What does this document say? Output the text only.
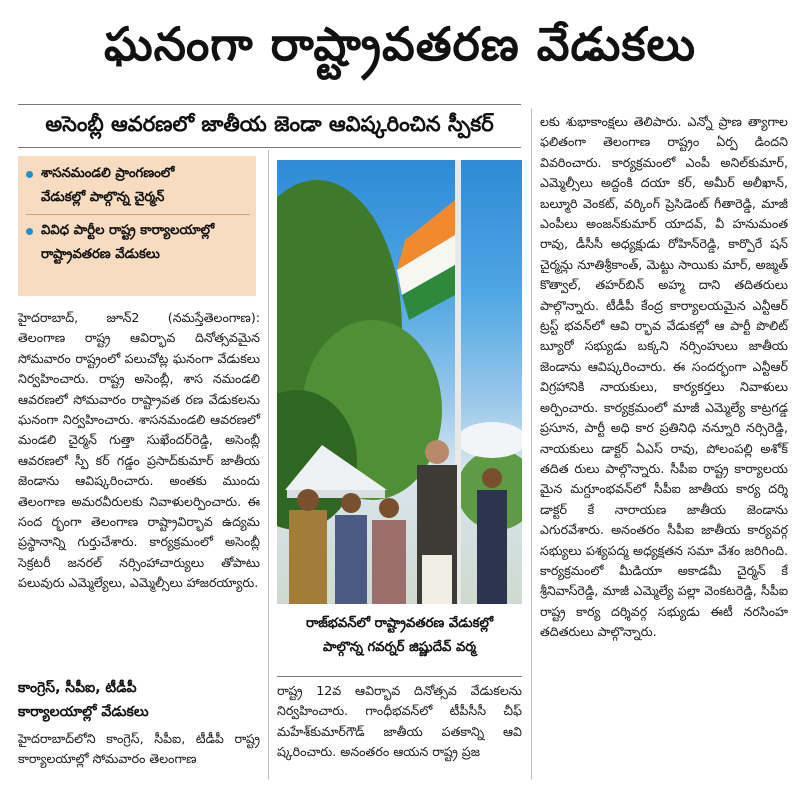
ఘనంగా రాష్ట్రావతరణ వేడుకలు
అసెంబ్లీ ఆవరణలో జాతీయ జెండా ఆవిష్కరించిన స్పీకర్
శాసనమండలి ప్రాంగణంలో
వేడుకల్లో పాల్గొన్న చైర్మన్
వివిధ పార్టీల రాష్ట్ర కార్యాలయాల్లో
రాష్ట్రావతరణ వేడుకలు
హైదరాబాద్, జూన్2 (నమస్తేతెలంగాణ): తెలంగాణ రాష్ట్ర ఆవిర్భావ దినోత్సవమైన సోమవారం రాష్ట్రంలో పలుచోట్ల ఘనంగా వేడుకలు నిర్వహించారు. రాష్ట్ర అసెంబ్లీ, శాస నమండలి ఆవరణలో సోమవారం రాష్ట్రావత రణ వేడుకలను ఘనంగా నిర్వహించారు. శాసనమండలి ఆవరణలో మండలి చైర్మన్ గుత్తా సుఖేందర్‌రెడ్డి, అసెంబ్లీ ఆవరణలో స్పీ కర్ గడ్డం ప్రసాద్‌కుమార్ జాతీయ జెండాను ఆవిష్కరించారు. అంతకు ముందు తెలంగాణ అమరవీరులకు నివాళులర్పించారు. ఈ సంద ర్భంగా తెలంగాణ రాష్ట్రావిర్భావ ఉద్యమ ప్రస్థానాన్ని గుర్తుచేశారు. కార్యక్రమంలో అసెంబ్లీ సెక్రటరీ జనరల్ నర్సింహాచార్యులు తోపాటు పలువురు ఎమ్మెల్యేలు, ఎమ్మెల్సీలు హాజరయ్యారు.
కాంగ్రెస్, సీపీఐ, టీడీపీ
కార్యాలయాల్లో వేడుకలు
హైదరాబాద్‌లోని కాంగ్రెస్, సీపీఐ, టీడీపీ రాష్ట్ర కార్యాలయాల్లో సోమవారం తెలంగాణ
రాజ్‌భవన్‌లో రాష్ట్రావతరణ వేడుకల్లో
పాల్గొన్న గవర్నర్ జిష్ణుదేవ్ వర్మ
రాష్ట్ర 12వ ఆవిర్భావ దినోత్సవ వేడుకలను నిర్వహించారు. గాంధీభవన్‌లో టీపీసీసీ చీఫ్ మహేశ్‌కుమార్‌గౌడ్ జాతీయ పతకాన్ని ఆవి ష్కరించారు. అనంతరం ఆయన రాష్ట్ర ప్రజ
లకు శుభాకాంక్షలు తెలిపారు. ఎన్నో ప్రాణ త్యాగాల ఫలితంగా తెలంగాణ రాష్ట్రం ఏర్ప డిందని వివరించారు. కార్యక్రమంలో ఎంపీ అనిల్‌కుమార్, ఎమ్మెల్సీలు అద్దంకి దయా కర్, అమీర్ అలీఖాన్, బల్మూరి వెంకట్, వర్కింగ్ ప్రెసిడెంట్ గీతారెడ్డి, మాజీ ఎంపీలు అంజన్‌కుమార్ యాదవ్, వీ హనుమంత రావు, డీసీసీ అధ్యక్షుడు రోహిన్‌రెడ్డి, కార్పొరే షన్ చైర్మన్లు నూతిశ్రీకాంత్, మెట్టు సాయికు మార్, అజ్మత్ కొత్వాల్, తహర్‌బిన్ అహ్మ దాని తదితరులు పాల్గొన్నారు. టీడీపీ కేంద్ర కార్యాలయమైన ఎన్టీఆర్ ట్రస్ట్ భవన్‌లో ఆవి ర్భావ వేడుకల్లో ఆ పార్టీ పొలిట్ బ్యూరో సభ్యుడు బక్కని నర్సింహులు జాతీయ జెండాను ఆవిష్కరించారు. ఈ సందర్భంగా ఎన్టీఆర్ విగ్రహానికి నాయకులు, కార్యకర్తలు నివాళులు అర్పించారు. కార్యక్రమంలో మాజీ ఎమ్మెల్యే కాట్రగడ్డ ప్రసూన, పార్టీ అధి కార ప్రతినిధి నన్నూరి నర్సిరెడ్డి, నాయకులు డాక్టర్ ఏఎస్ రావు, పోలంపల్లి అశోక్ తదిత రులు పాల్గొన్నారు. సీపీఐ రాష్ట్ర కార్యాలయ మైన మగ్దూంభవన్‌లో సీపీఐ జాతీయ కార్య దర్శి డాక్టర్ కే నారాయణ జాతీయ జెండాను ఎగురవేశారు. అనంతరం సీపీఐ జాతీయ కార్యవర్గ సభ్యులు పశ్యపద్మ అధ్యక్షతన సమా వేశం జరిగింది. కార్యక్రమంలో మీడియా అకాడమీ చైర్మన్ కే శ్రీనివాస్‌రెడ్డి, మాజీ ఎమ్మెల్యే పల్లా వెంకటరెడ్డి, సీపీఐ రాష్ట్ర కార్య దర్శివర్గ సభ్యుడు ఈటీ నరసింహ తదితరులు పాల్గొన్నారు.
